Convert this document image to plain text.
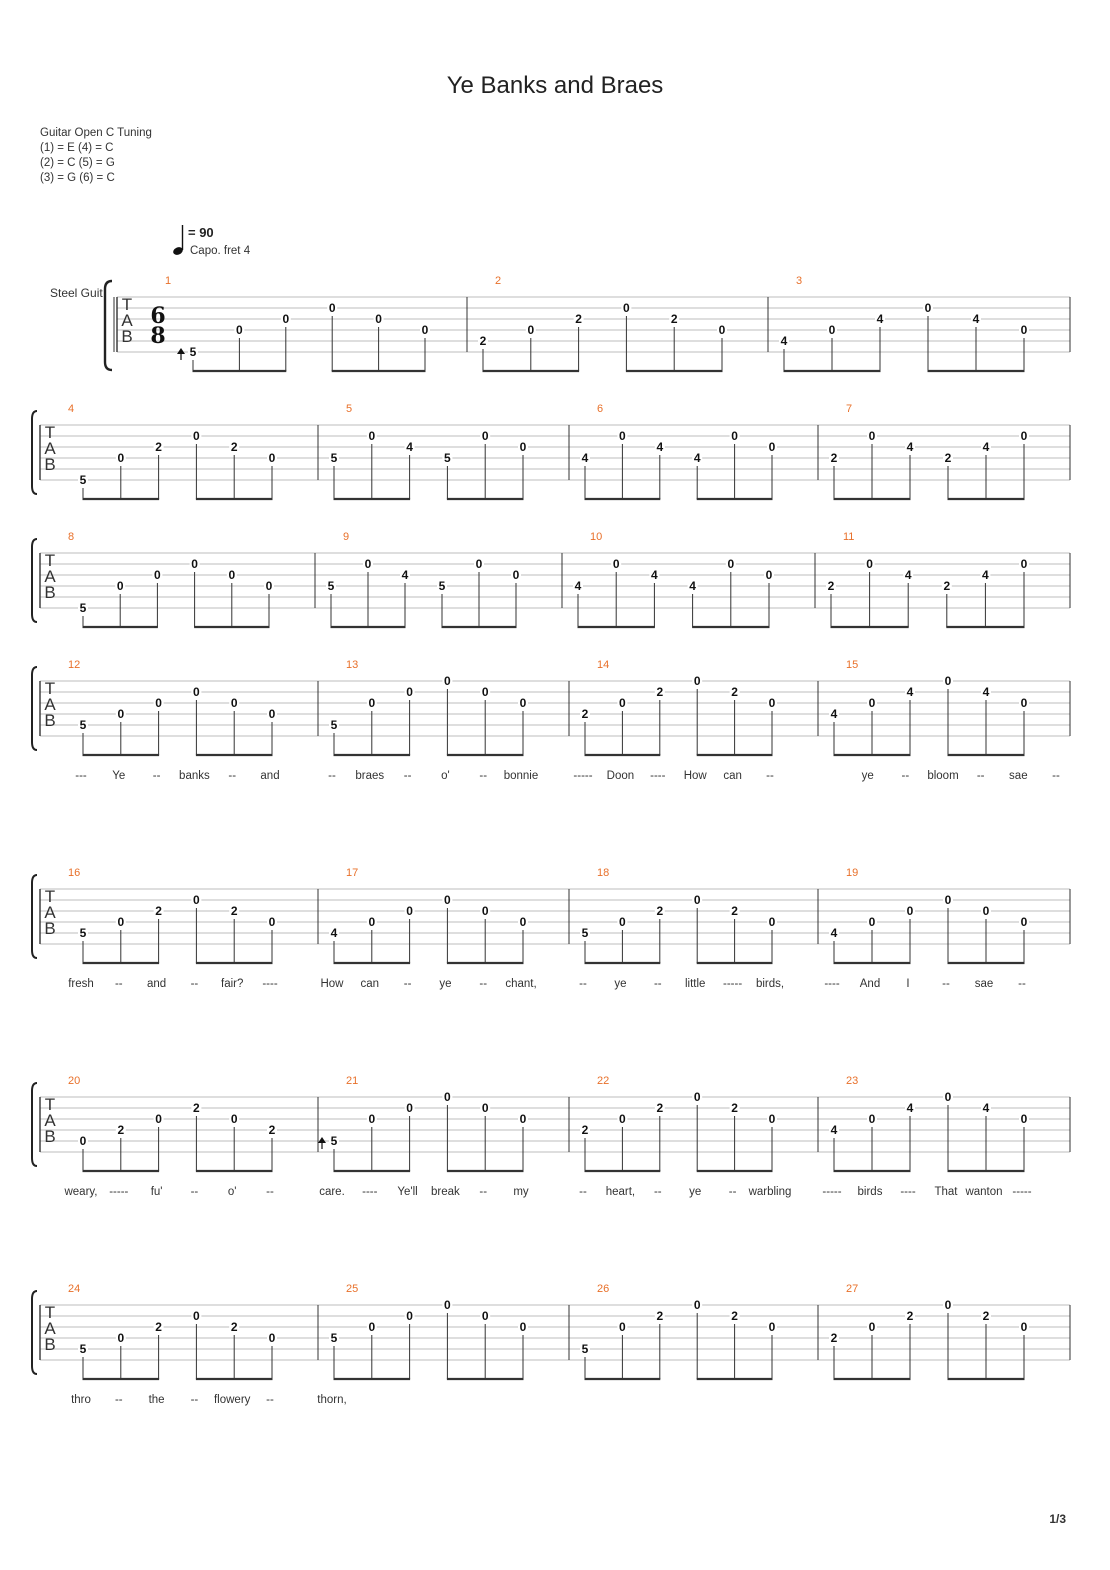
T
A
B
6
8
1
5
0
0
0
0
0
2
2
0
2
0
2
0
3
4
0
4
0
4
0
T
A
B
4
5
0
2
0
2
0
5
5
0
4
5
0
0
6
4
0
4
4
0
0
7
2
0
4
2
4
0
T
A
B
8
5
0
0
0
0
0
9
5
0
4
5
0
0
10
4
0
4
4
0
0
11
2
0
4
2
4
0
T
A
B
12
5
0
0
0
0
0
--- Ye -- banks -- and
13
5
0
0
0
0
0
-- braes --	o'	-- bonnie
14
2
0
2
0
2
0
----- Doon ---- How can --
15
4
0
4
0
4
0
ye -- bloom -- sae --
T
A
B
16
5
0
2
0
2
0
fresh -- and -- fair? ----
17
4
0
0
0
0
0
How can -- ye -- chant,
18
5
0
2
0
2
0
-- ye -- little ----- birds,
19
4
0
0
0
0
0
---- And I	-- sae --
T
A
B
20
0
2
0
2
0
2
weary, ----- fu' --	o'	--
21
5
0
0
0
0
0
care. ---- Ye'll break -- my
22
2
0
2
0
2
0
-- heart, -- ye -- warbling
23
4
0
4
0
4
0
----- birds ---- That wanton -----
T
A
B
24
5
0
2
0
2
0
thro -- the -- flowery --
25
5
0
0
0
0
0
thorn,
26
5
0
2
0
2
0
27
2
0
2
0
2
0
Ye Banks and Braes
Guitar Open C Tuning
(1) = E (4) = C
(2) = C (5) = G
(3) = G (6) = C
= 90
Capo. fret 4
Steel Guit
1/3
